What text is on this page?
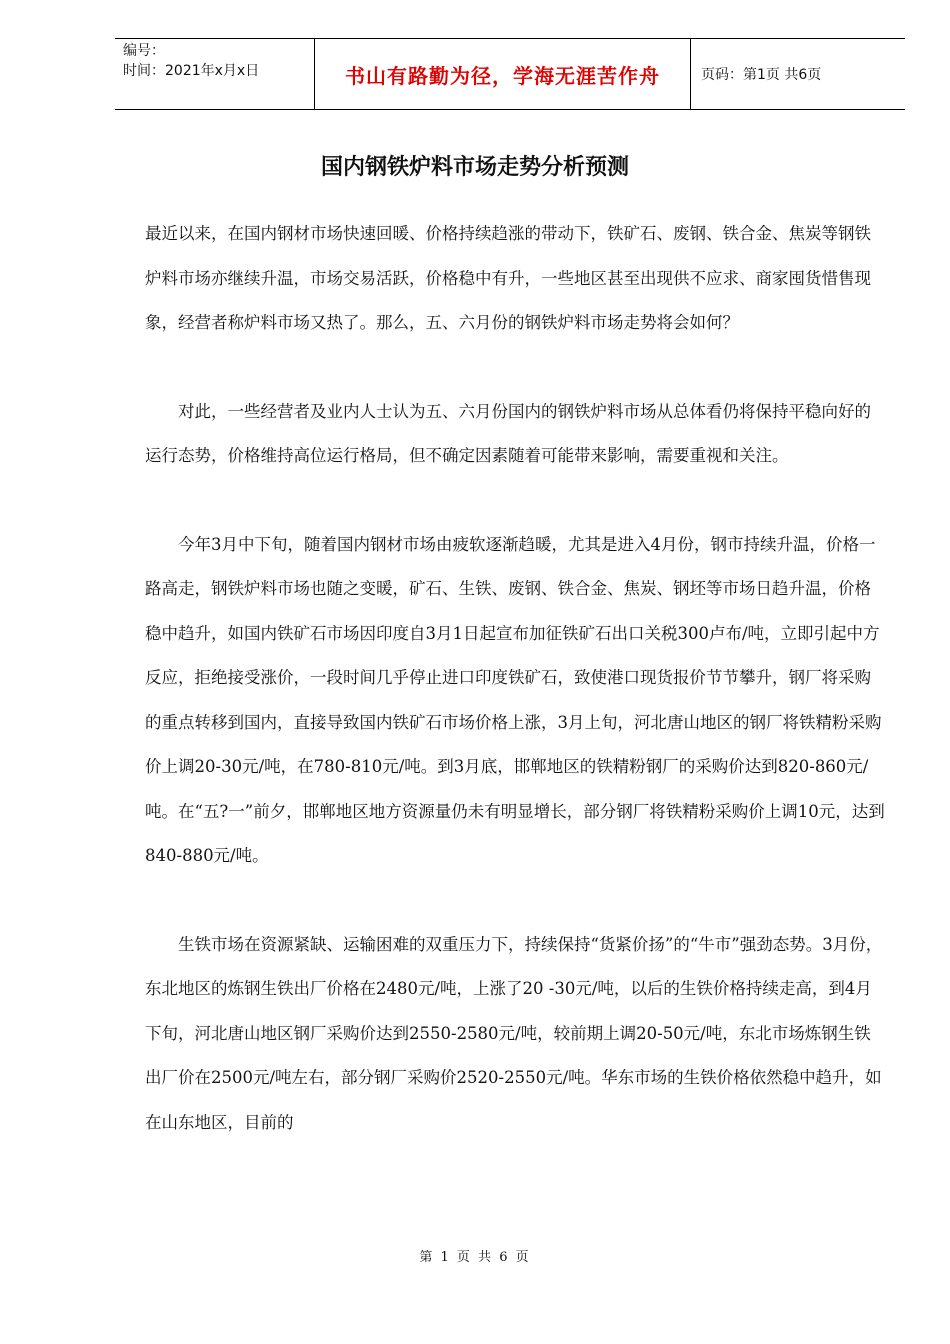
编号：
时间：2021年x月x日	书山有路勤为径，学海无涯苦作舟	页码：第1页 共6页
国内钢铁炉料市场走势分析预测

最近以来，在国内钢材市场快速回暖、价格持续趋涨的带动下，铁矿石、废钢、铁合金、焦炭等钢铁炉料市场亦继续升温，市场交易活跃，价格稳中有升，一些地区甚至出现供不应求、商家囤货惜售现象，经营者称炉料市场又热了。那么，五、六月份的钢铁炉料市场走势将会如何？

对此，一些经营者及业内人士认为五、六月份国内的钢铁炉料市场从总体看仍将保持平稳向好的运行态势，价格维持高位运行格局，但不确定因素随着可能带来影响，需要重视和关注。

今年3月中下旬，随着国内钢材市场由疲软逐渐趋暖，尤其是进入4月份，钢市持续升温，价格一路高走，钢铁炉料市场也随之变暖，矿石、生铁、废钢、铁合金、焦炭、钢坯等市场日趋升温，价格稳中趋升，如国内铁矿石市场因印度自3月1日起宣布加征铁矿石出口关税300卢布/吨，立即引起中方反应，拒绝接受涨价，一段时间几乎停止进口印度铁矿石，致使港口现货报价节节攀升，钢厂将采购的重点转移到国内，直接导致国内铁矿石市场价格上涨，3月上旬，河北唐山地区的钢厂将铁精粉采购价上调20-30元/吨，在780-810元/吨。到3月底，邯郸地区的铁精粉钢厂的采购价达到820-860元/吨。在“五?一”前夕，邯郸地区地方资源量仍未有明显增长，部分钢厂将铁精粉采购价上调10元，达到840-880元/吨。

生铁市场在资源紧缺、运输困难的双重压力下，持续保持“货紧价扬”的“牛市”强劲态势。3月份，东北地区的炼钢生铁出厂价格在2480元/吨，上涨了20 -30元/吨，以后的生铁价格持续走高，到4月下旬，河北唐山地区钢厂采购价达到2550-2580元/吨，较前期上调20-50元/吨，东北市场炼钢生铁出厂价在2500元/吨左右，部分钢厂采购价2520-2550元/吨。华东市场的生铁价格依然稳中趋升，如在山东地区，目前的

第 1 页 共 6 页
